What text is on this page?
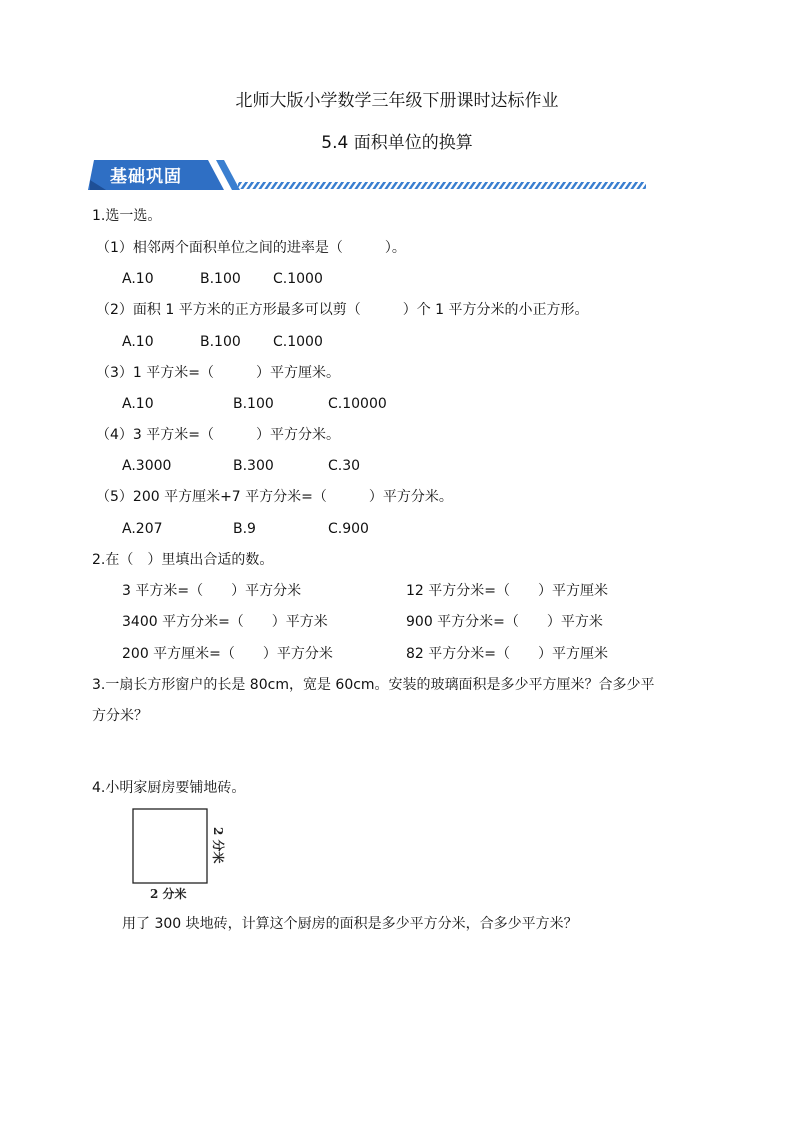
北师大版小学数学三年级下册课时达标作业
5.4 面积单位的换算
基础巩固
1.选一选。
（1）相邻两个面积单位之间的进率是（　　　）。
A.10	B.100 C.1000
（2）面积 1 平方米的正方形最多可以剪（　　　）个 1 平方分米的小正方形。
A.10	B.100 C.1000
（3）1 平方米=（　　　）平方厘米。
A.10	B.100	C.10000
（4）3 平方米=（　　　）平方分米。
A.3000	B.300	C.30
（5）200 平方厘米+7 平方分米=（　　　）平方分米。
A.207	B.9	C.900
2.在（　）里填出合适的数。
3 平方米=（　　）平方分米	12 平方分米=（　　）平方厘米
3400 平方分米=（　　）平方米	900 平方分米=（　　）平方米
200 平方厘米=（　　）平方分米	82 平方分米=（　　）平方厘米
3.一扇长方形窗户的长是 80cm，宽是 60cm。安装的玻璃面积是多少平方厘米？合多少平
方分米？
4.小明家厨房要铺地砖。
2 分米
2 分米
用了 300 块地砖，计算这个厨房的面积是多少平方分米，合多少平方米？
